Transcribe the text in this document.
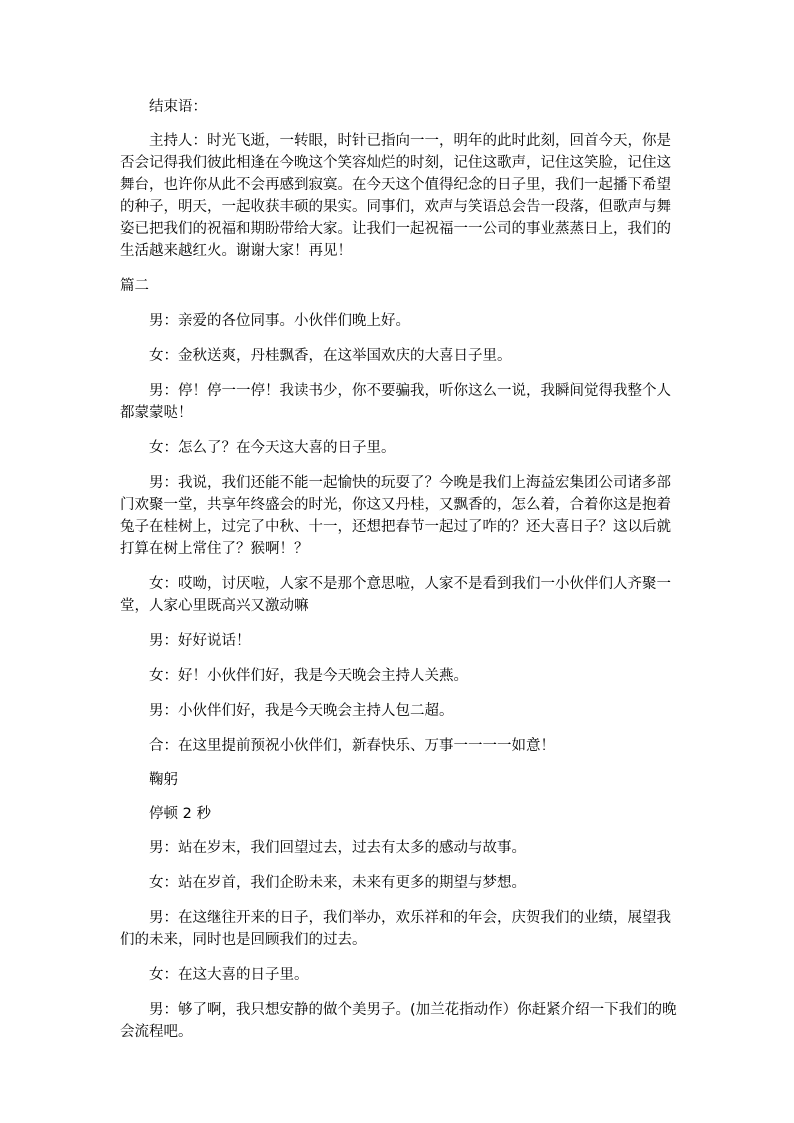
结束语：

主持人：时光飞逝，一转眼，时针已指向一一，明年的此时此刻，回首今天，你是否会记得我们彼此相逢在今晚这个笑容灿烂的时刻，记住这歌声，记住这笑脸，记住这舞台，也许你从此不会再感到寂寞。在今天这个值得纪念的日子里，我们一起播下希望的种子，明天，一起收获丰硕的果实。同事们，欢声与笑语总会告一段落，但歌声与舞姿已把我们的祝福和期盼带给大家。让我们一起祝福一一公司的事业蒸蒸日上，我们的生活越来越红火。谢谢大家！再见！

篇二

男：亲爱的各位同事。小伙伴们晚上好。

女：金秋送爽，丹桂飘香，在这举国欢庆的大喜日子里。

男：停！停一一停！我读书少，你不要骗我，听你这么一说，我瞬间觉得我整个人都蒙蒙哒！

女：怎么了？在今天这大喜的日子里。

男：我说，我们还能不能一起愉快的玩耍了？今晚是我们上海益宏集团公司诸多部门欢聚一堂，共享年终盛会的时光，你这又丹桂，又飘香的，怎么着，合着你这是抱着兔子在桂树上，过完了中秋、十一，还想把春节一起过了咋的？还大喜日子？这以后就打算在树上常住了？猴啊！？

女：哎呦，讨厌啦，人家不是那个意思啦，人家不是看到我们一小伙伴们人齐聚一堂，人家心里既高兴又激动嘛

男：好好说话！

女：好！小伙伴们好，我是今天晚会主持人关燕。

男：小伙伴们好，我是今天晚会主持人包二超。

合：在这里提前预祝小伙伴们，新春快乐、万事一一一一如意！

鞠躬

停顿 2 秒

男：站在岁末，我们回望过去，过去有太多的感动与故事。

女：站在岁首，我们企盼未来，未来有更多的期望与梦想。

男：在这继往开来的日子，我们举办，欢乐祥和的年会，庆贺我们的业绩，展望我们的未来，同时也是回顾我们的过去。

女：在这大喜的日子里。

男：够了啊，我只想安静的做个美男子。(加兰花指动作）你赶紧介绍一下我们的晚会流程吧。
